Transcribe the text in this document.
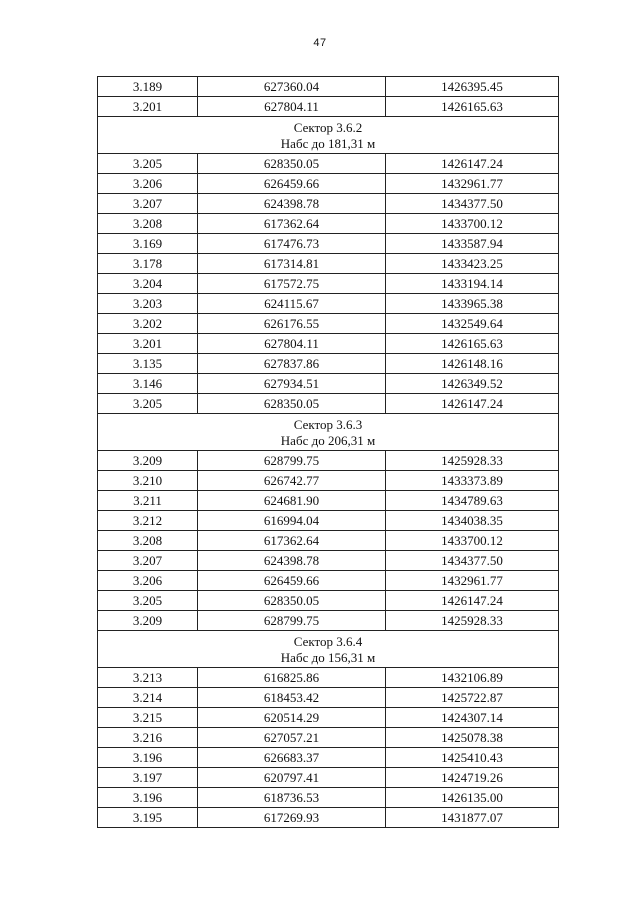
47
3.189	627360.04	1426395.45
3.201	627804.11	1426165.63

Сектор 3.6.2
Набс до 181,31 м		

3.205	628350.05	1426147.24
3.206	626459.66	1432961.77
3.207	624398.78	1434377.50
3.208	617362.64	1433700.12
3.169	617476.73	1433587.94
3.178	617314.81	1433423.25
3.204	617572.75	1433194.14
3.203	624115.67	1433965.38
3.202	626176.55	1432549.64
3.201	627804.11	1426165.63
3.135	627837.86	1426148.16
3.146	627934.51	1426349.52
3.205	628350.05	1426147.24

Сектор 3.6.3
Набс до 206,31 м		

3.209	628799.75	1425928.33
3.210	626742.77	1433373.89
3.211	624681.90	1434789.63
3.212	616994.04	1434038.35
3.208	617362.64	1433700.12
3.207	624398.78	1434377.50
3.206	626459.66	1432961.77
3.205	628350.05	1426147.24
3.209	628799.75	1425928.33

Сектор 3.6.4
Набс до 156,31 м		

3.213	616825.86	1432106.89
3.214	618453.42	1425722.87
3.215	620514.29	1424307.14
3.216	627057.21	1425078.38
3.196	626683.37	1425410.43
3.197	620797.41	1424719.26
3.196	618736.53	1426135.00
3.195	617269.93	1431877.07
